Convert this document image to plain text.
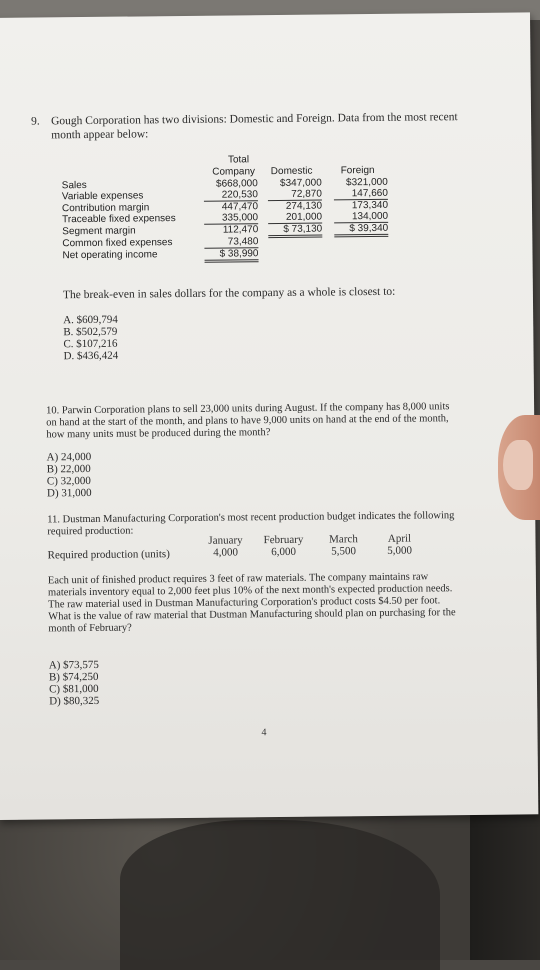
9. Gough Corporation has two divisions: Domestic and Foreign. Data from the most recent
month appear below:
Total
Company	Domestic	Foreign
Sales	$668,000	$347,000	$321,000
Variable expenses	220,530	72,870	147,660
Contribution margin	447,470	274,130	173,340
Traceable fixed expenses	335,000	201,000	134,000
Segment margin	112,470	$ 73,130	$ 39,340
Common fixed expenses	73,480
Net operating income	$ 38,990
The break-even in sales dollars for the company as a whole is closest to:
A. $609,794
B. $502,579
C. $107,216
D. $436,424
10. Parwin Corporation plans to sell 23,000 units during August. If the company has 8,000 units
on hand at the start of the month, and plans to have 9,000 units on hand at the end of the month,
how many units must be produced during the month?
A) 24,000
B) 22,000
C) 32,000
D) 31,000
11. Dustman Manufacturing Corporation's most recent production budget indicates the following
required production:
January	February	March	April
Required production (units)	4,000	6,000	5,500	5,000
Each unit of finished product requires 3 feet of raw materials. The company maintains raw
materials inventory equal to 2,000 feet plus 10% of the next month's expected production needs.
The raw material used in Dustman Manufacturing Corporation's product costs $4.50 per foot.
What is the value of raw material that Dustman Manufacturing should plan on purchasing for the
month of February?
A) $73,575
B) $74,250
C) $81,000
D) $80,325
4
